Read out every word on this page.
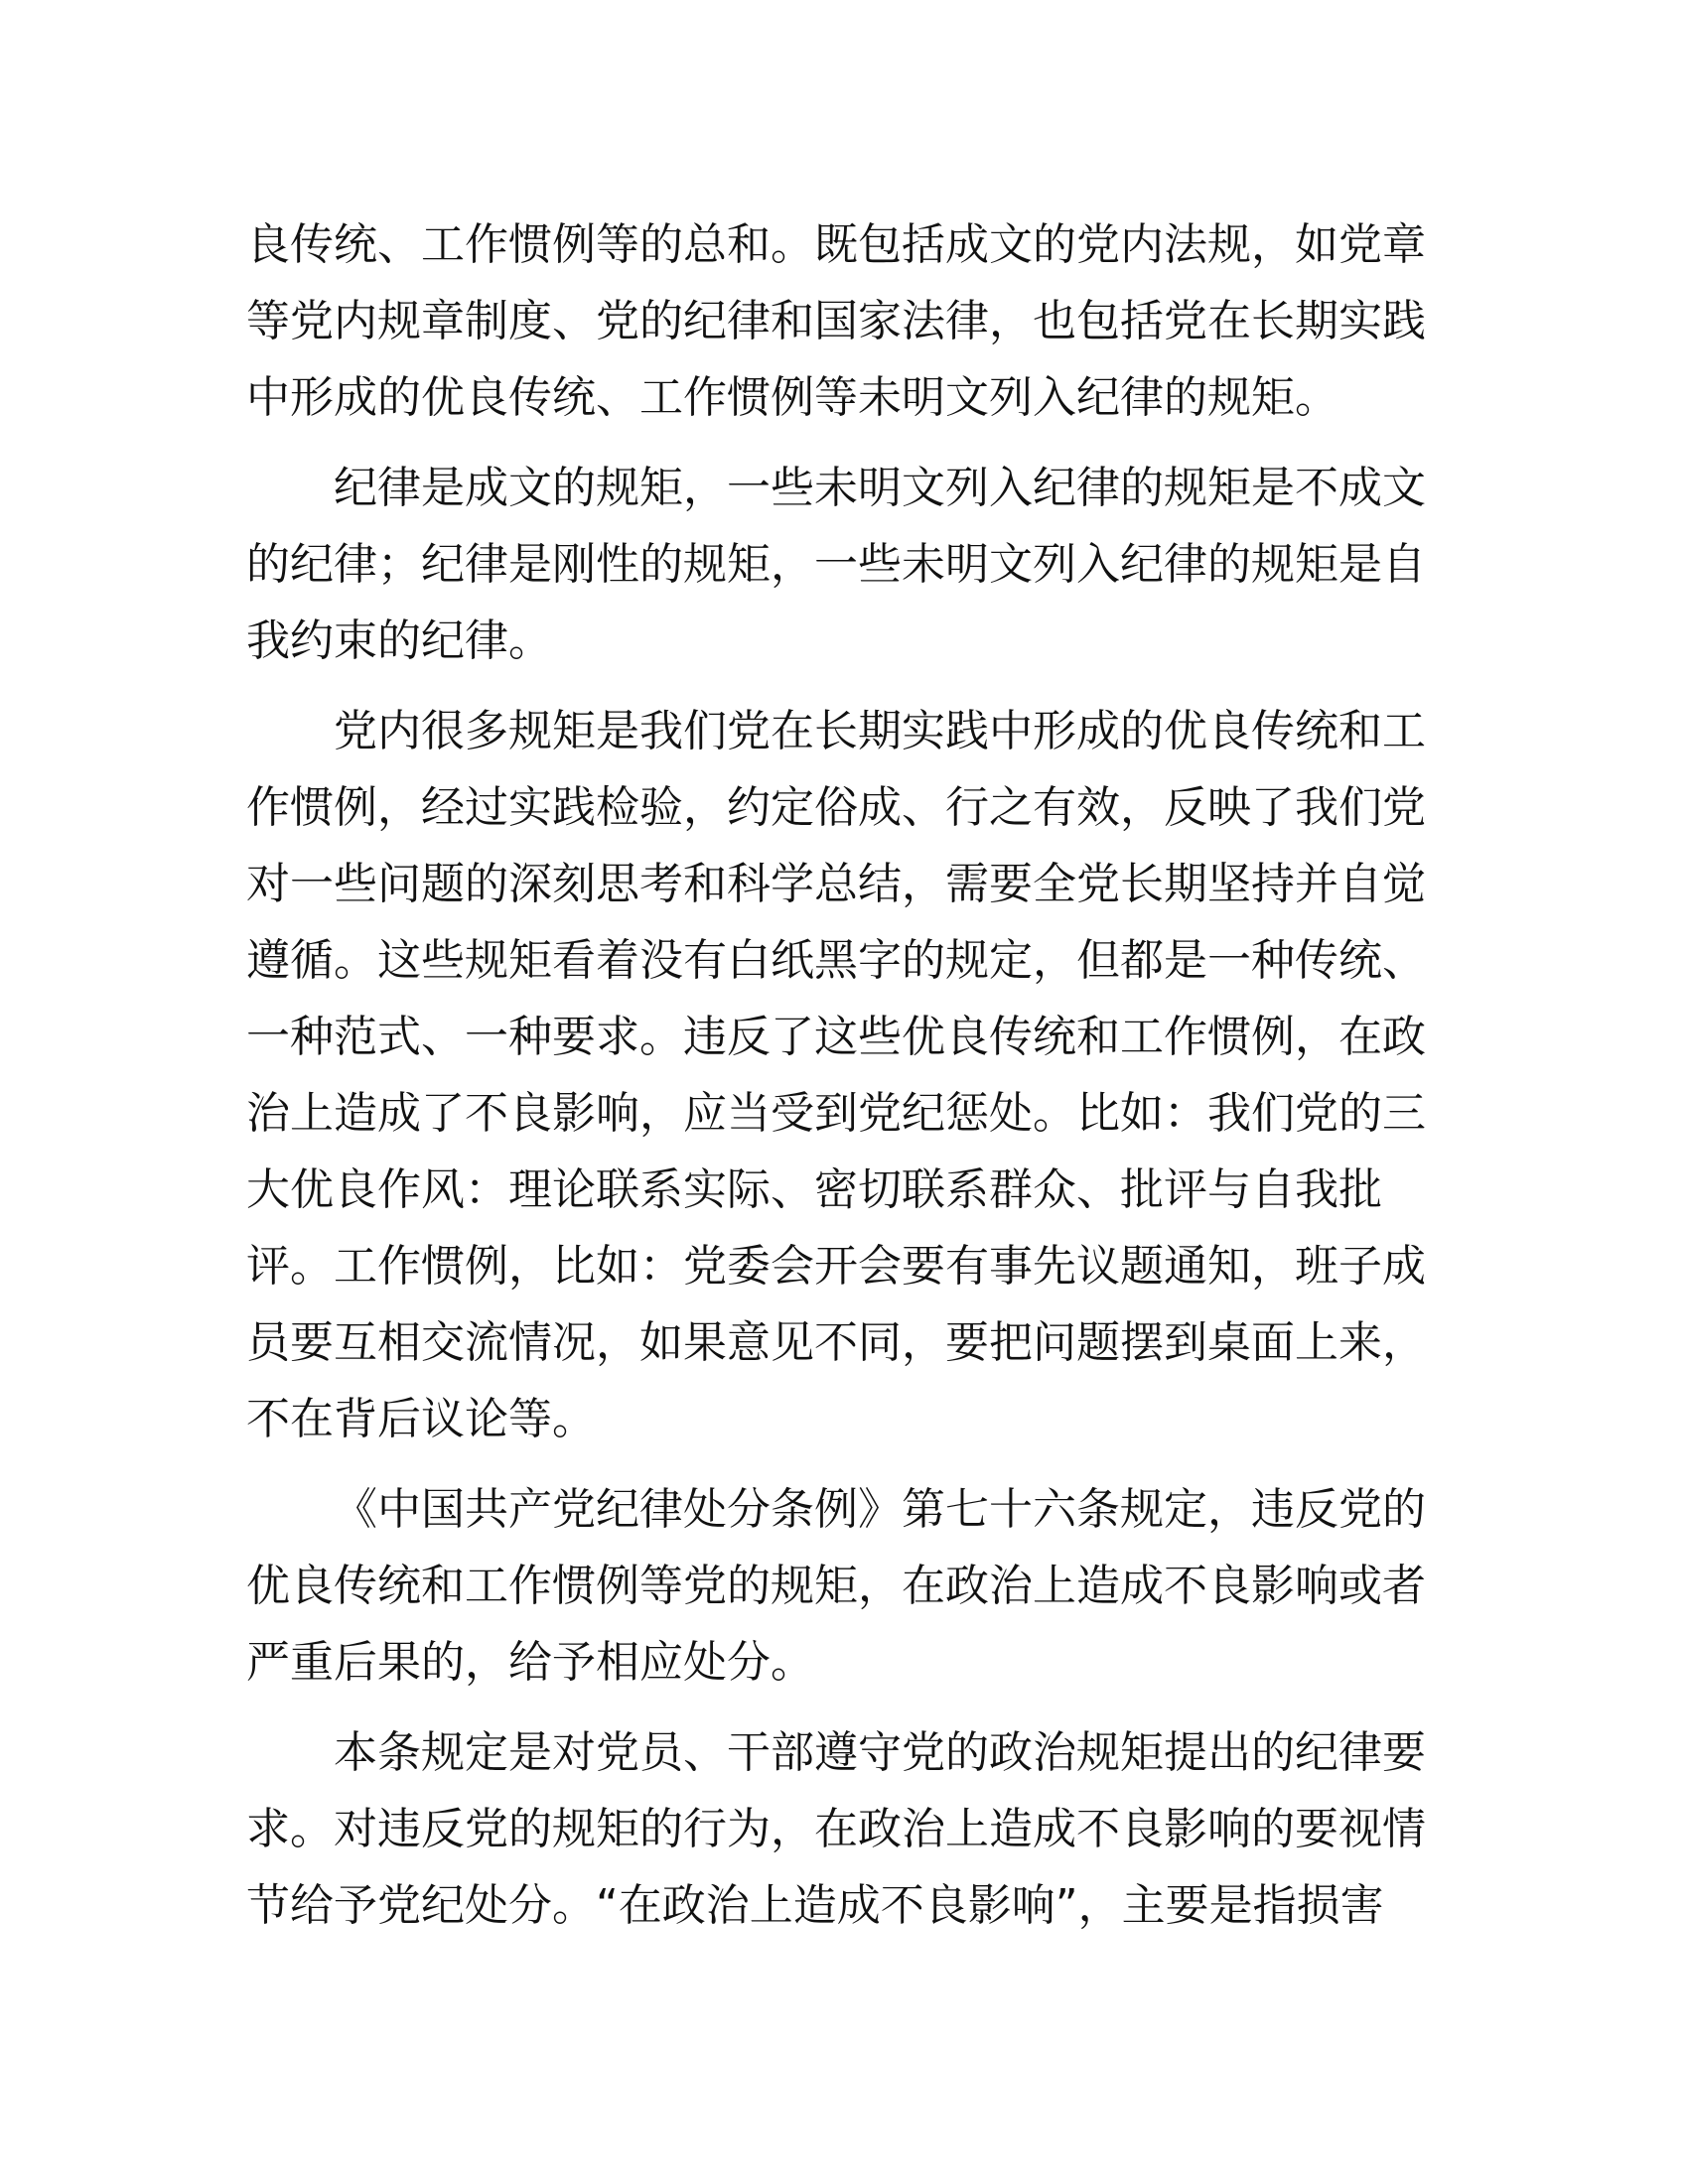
良传统、工作惯例等的总和。既包括成文的党内法规，如党章
等党内规章制度、党的纪律和国家法律，也包括党在长期实践
中形成的优良传统、工作惯例等未明文列入纪律的规矩。
纪律是成文的规矩，一些未明文列入纪律的规矩是不成文
的纪律；纪律是刚性的规矩，一些未明文列入纪律的规矩是自
我约束的纪律。
党内很多规矩是我们党在长期实践中形成的优良传统和工
作惯例，经过实践检验，约定俗成、行之有效，反映了我们党
对一些问题的深刻思考和科学总结，需要全党长期坚持并自觉
遵循。这些规矩看着没有白纸黑字的规定，但都是一种传统、
一种范式、一种要求。违反了这些优良传统和工作惯例，在政
治上造成了不良影响，应当受到党纪惩处。比如：我们党的三
大优良作风：理论联系实际、密切联系群众、批评与自我批
评。工作惯例，比如：党委会开会要有事先议题通知，班子成
员要互相交流情况，如果意见不同，要把问题摆到桌面上来，
不在背后议论等。
《中国共产党纪律处分条例》第七十六条规定，违反党的
优良传统和工作惯例等党的规矩，在政治上造成不良影响或者
严重后果的，给予相应处分。
本条规定是对党员、干部遵守党的政治规矩提出的纪律要
求。对违反党的规矩的行为，在政治上造成不良影响的要视情
节给予党纪处分。“在政治上造成不良影响”，主要是指损害
